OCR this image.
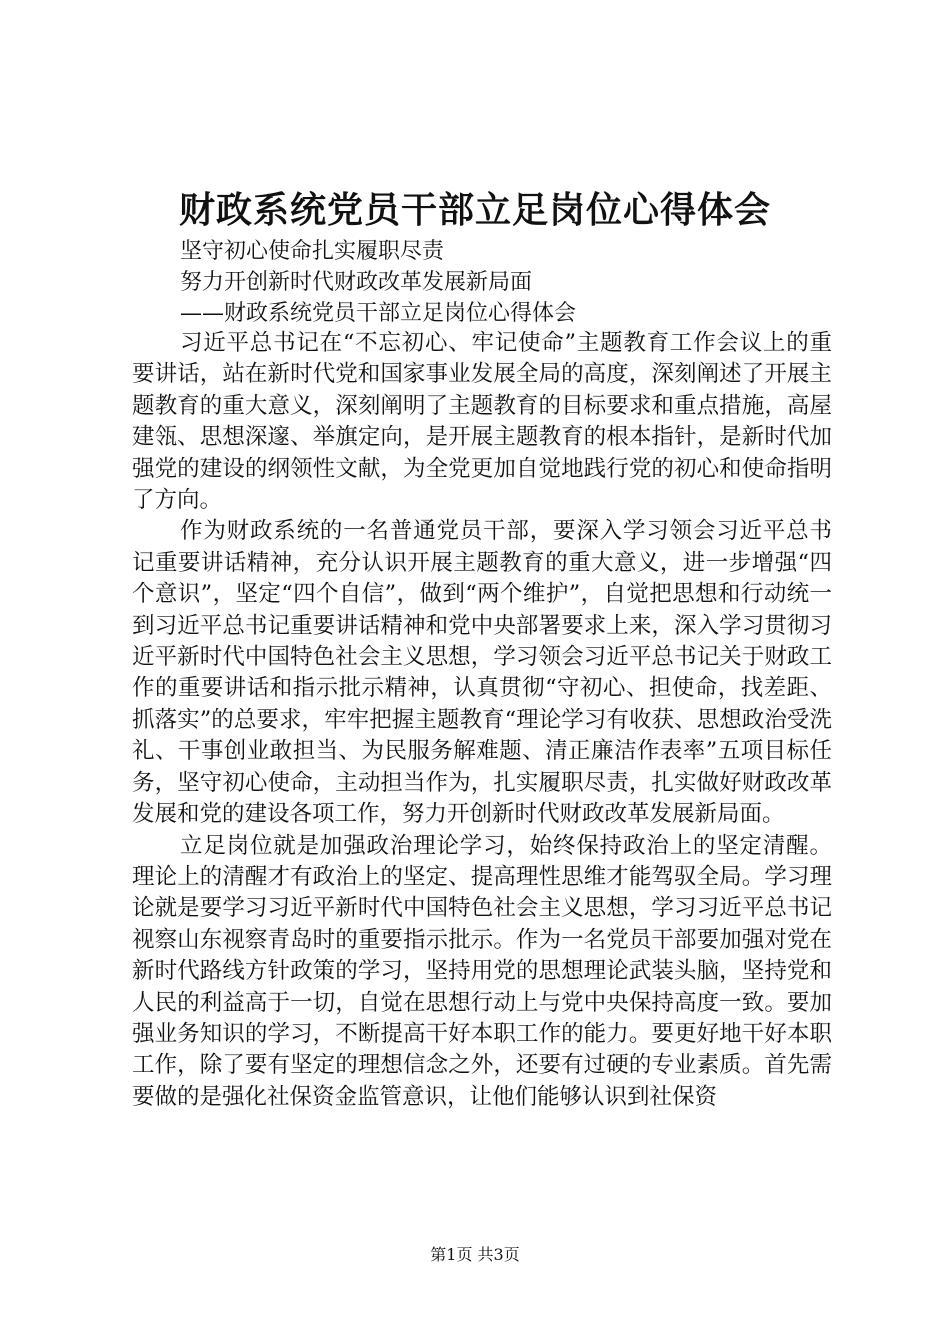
财政系统党员干部立足岗位心得体会
坚守初心使命扎实履职尽责
努力开创新时代财政改革发展新局面
——财政系统党员干部立足岗位心得体会

习近平总书记在“不忘初心、牢记使命”主题教育工作会议上的重要讲话，站在新时代党和国家事业发展全局的高度，深刻阐述了开展主题教育的重大意义，深刻阐明了主题教育的目标要求和重点措施，高屋建瓴、思想深邃、举旗定向，是开展主题教育的根本指针，是新时代加强党的建设的纲领性文献，为全党更加自觉地践行党的初心和使命指明了方向。

作为财政系统的一名普通党员干部，要深入学习领会习近平总书记重要讲话精神，充分认识开展主题教育的重大意义，进一步增强“四个意识”，坚定“四个自信”，做到“两个维护”，自觉把思想和行动统一到习近平总书记重要讲话精神和党中央部署要求上来，深入学习贯彻习近平新时代中国特色社会主义思想，学习领会习近平总书记关于财政工作的重要讲话和指示批示精神，认真贯彻“守初心、担使命，找差距、抓落实”的总要求，牢牢把握主题教育“理论学习有收获、思想政治受洗礼、干事创业敢担当、为民服务解难题、清正廉洁作表率”五项目标任务，坚守初心使命，主动担当作为，扎实履职尽责，扎实做好财政改革发展和党的建设各项工作，努力开创新时代财政改革发展新局面。

立足岗位就是加强政治理论学习，始终保持政治上的坚定清醒。理论上的清醒才有政治上的坚定、提高理性思维才能驾驭全局。学习理论就是要学习习近平新时代中国特色社会主义思想，学习习近平总书记视察山东视察青岛时的重要指示批示。作为一名党员干部要加强对党在新时代路线方针政策的学习，坚持用党的思想理论武装头脑，坚持党和人民的利益高于一切，自觉在思想行动上与党中央保持高度一致。要加强业务知识的学习，不断提高干好本职工作的能力。要更好地干好本职工作，除了要有坚定的理想信念之外，还要有过硬的专业素质。首先需要做的是强化社保资金监管意识，让他们能够认识到社保资

第1页 共3页
